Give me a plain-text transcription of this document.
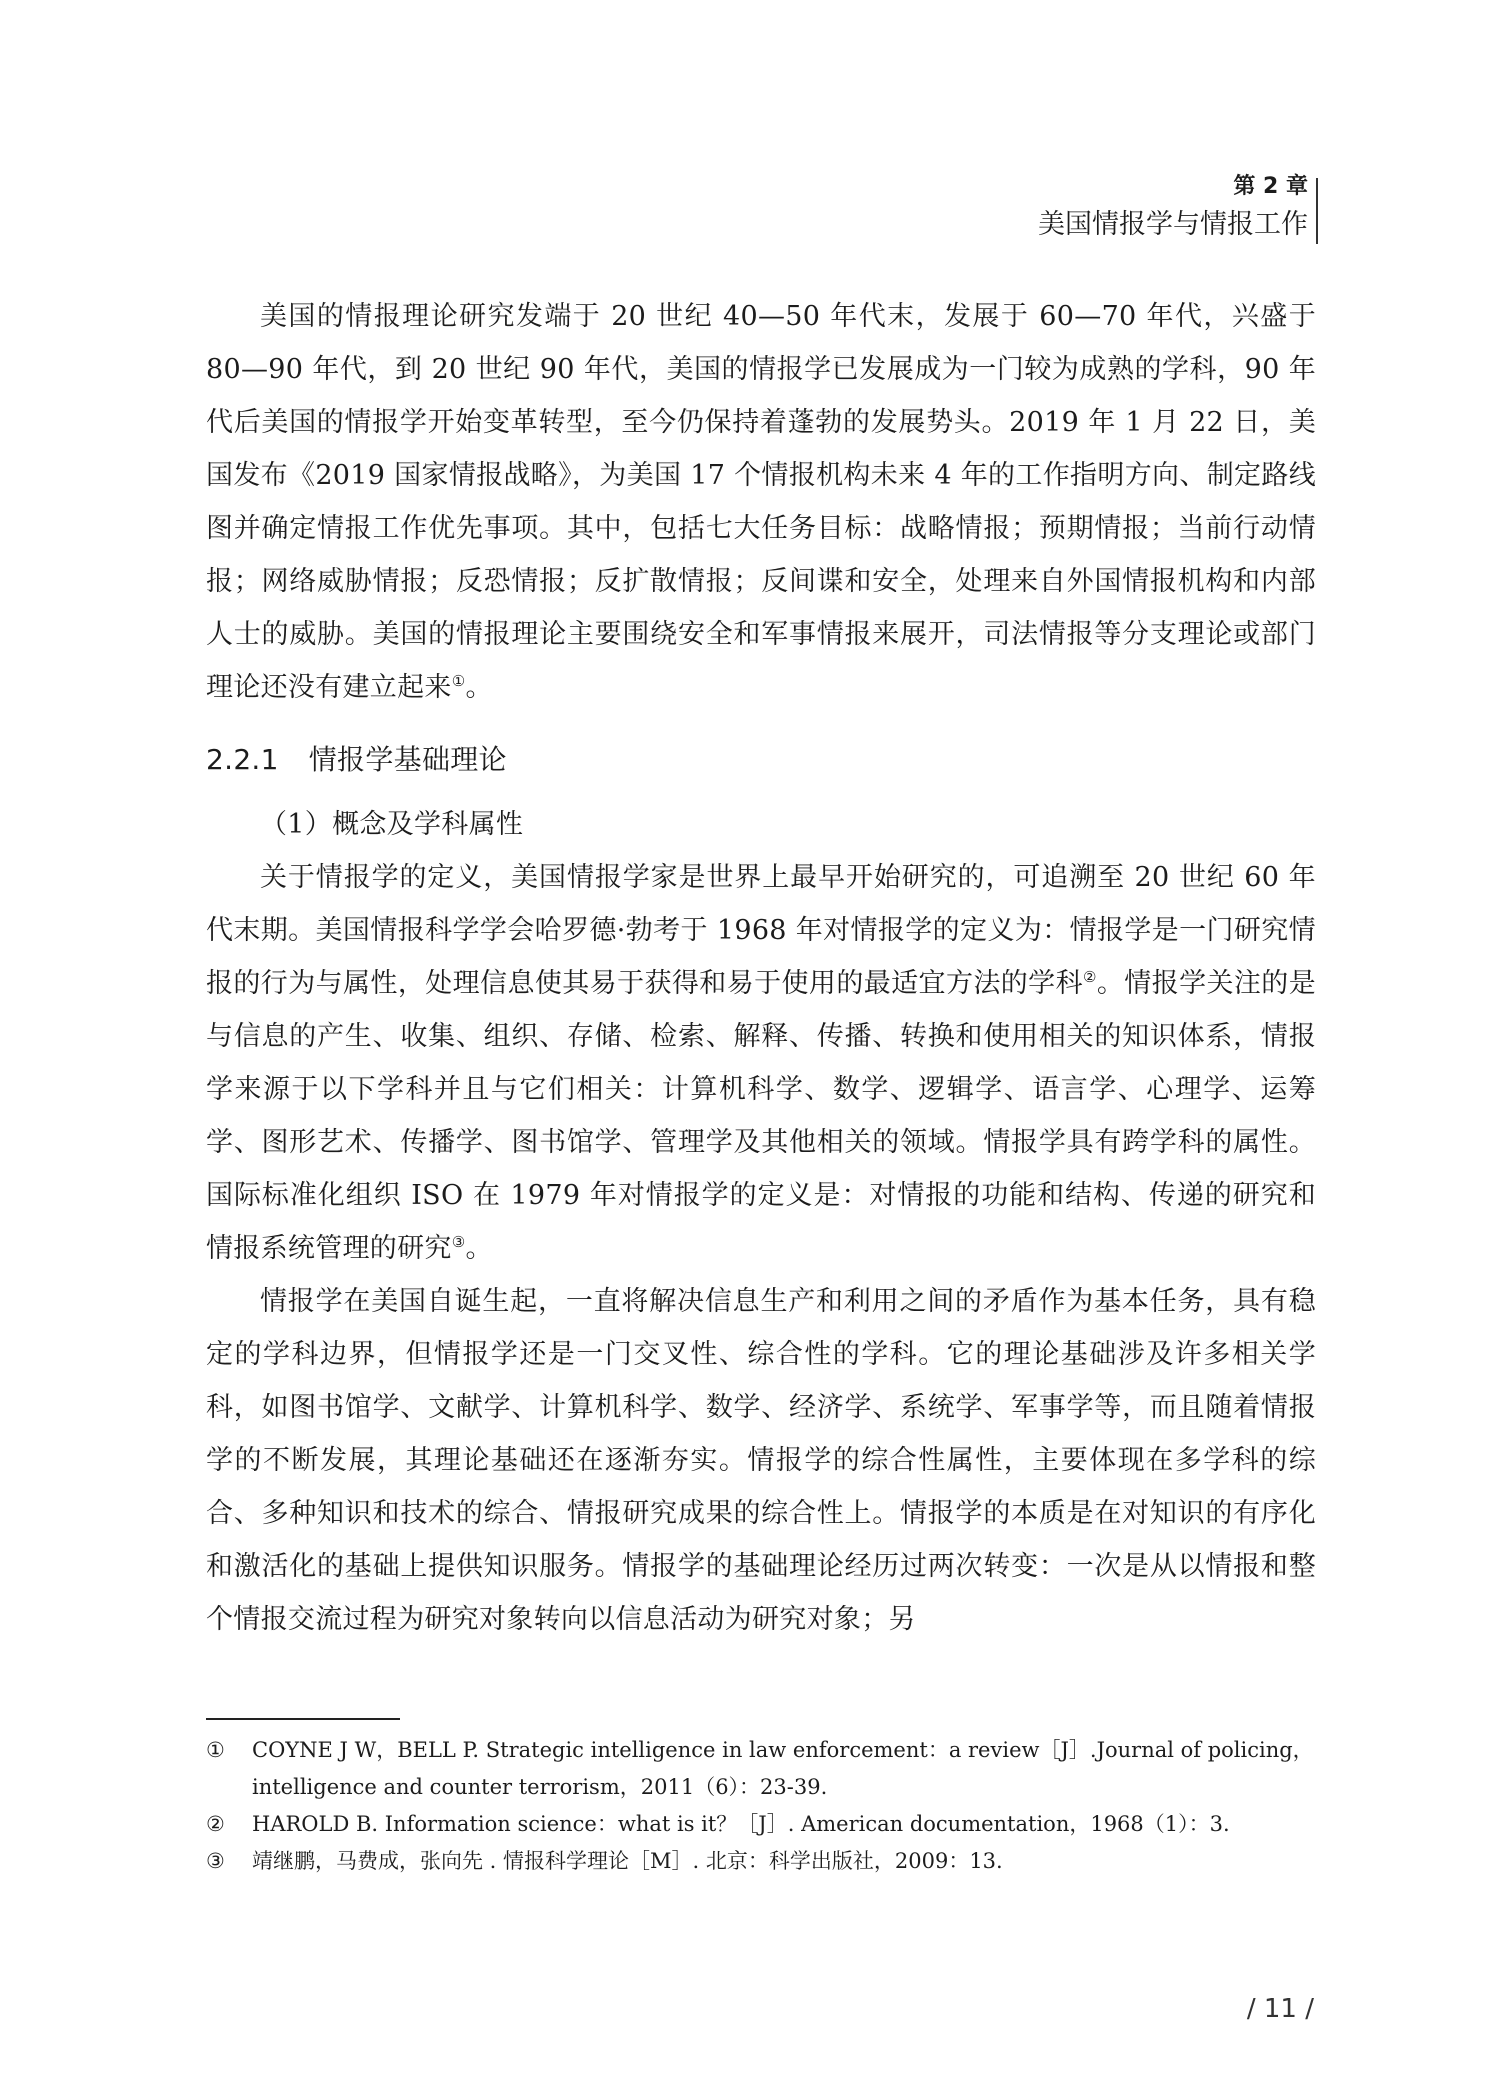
第 2 章
美国情报学与情报工作

美国的情报理论研究发端于 20 世纪 40—50 年代末，发展于 60—70 年代，兴盛于 80—90 年代，到 20 世纪 90 年代，美国的情报学已发展成为一门较为成熟的学科，90 年代后美国的情报学开始变革转型，至今仍保持着蓬勃的发展势头。2019 年 1 月 22 日，美国发布《2019 国家情报战略》，为美国 17 个情报机构未来 4 年的工作指明方向、制定路线图并确定情报工作优先事项。其中，包括七大任务目标：战略情报；预期情报；当前行动情报；网络威胁情报；反恐情报；反扩散情报；反间谍和安全，处理来自外国情报机构和内部人士的威胁。美国的情报理论主要围绕安全和军事情报来展开，司法情报等分支理论或部门理论还没有建立起来①。

2.2.1 情报学基础理论

（1）概念及学科属性

关于情报学的定义，美国情报学家是世界上最早开始研究的，可追溯至 20 世纪 60 年代末期。美国情报科学学会哈罗德·勃考于 1968 年对情报学的定义为：情报学是一门研究情报的行为与属性，处理信息使其易于获得和易于使用的最适宜方法的学科②。情报学关注的是与信息的产生、收集、组织、存储、检索、解释、传播、转换和使用相关的知识体系，情报学来源于以下学科并且与它们相关：计算机科学、数学、逻辑学、语言学、心理学、运筹学、图形艺术、传播学、图书馆学、管理学及其他相关的领域。情报学具有跨学科的属性。国际标准化组织 ISO 在 1979 年对情报学的定义是：对情报的功能和结构、传递的研究和情报系统管理的研究③。

情报学在美国自诞生起，一直将解决信息生产和利用之间的矛盾作为基本任务，具有稳定的学科边界，但情报学还是一门交叉性、综合性的学科。它的理论基础涉及许多相关学科，如图书馆学、文献学、计算机科学、数学、经济学、系统学、军事学等，而且随着情报学的不断发展，其理论基础还在逐渐夯实。情报学的综合性属性，主要体现在多学科的综合、多种知识和技术的综合、情报研究成果的综合性上。情报学的本质是在对知识的有序化和激活化的基础上提供知识服务。情报学的基础理论经历过两次转变：一次是从以情报和整个情报交流过程为研究对象转向以信息活动为研究对象；另

①	COYNE J W，BELL P. Strategic intelligence in law enforcement：a review［J］.Journal of policing，intelligence and counter terrorism，2011（6）：23-39.
②	HAROLD B. Information science：what is it？［J］. American documentation，1968（1）：3.
③	靖继鹏，马费成，张向先 . 情报科学理论［M］. 北京：科学出版社，2009：13.
/ 11 /
